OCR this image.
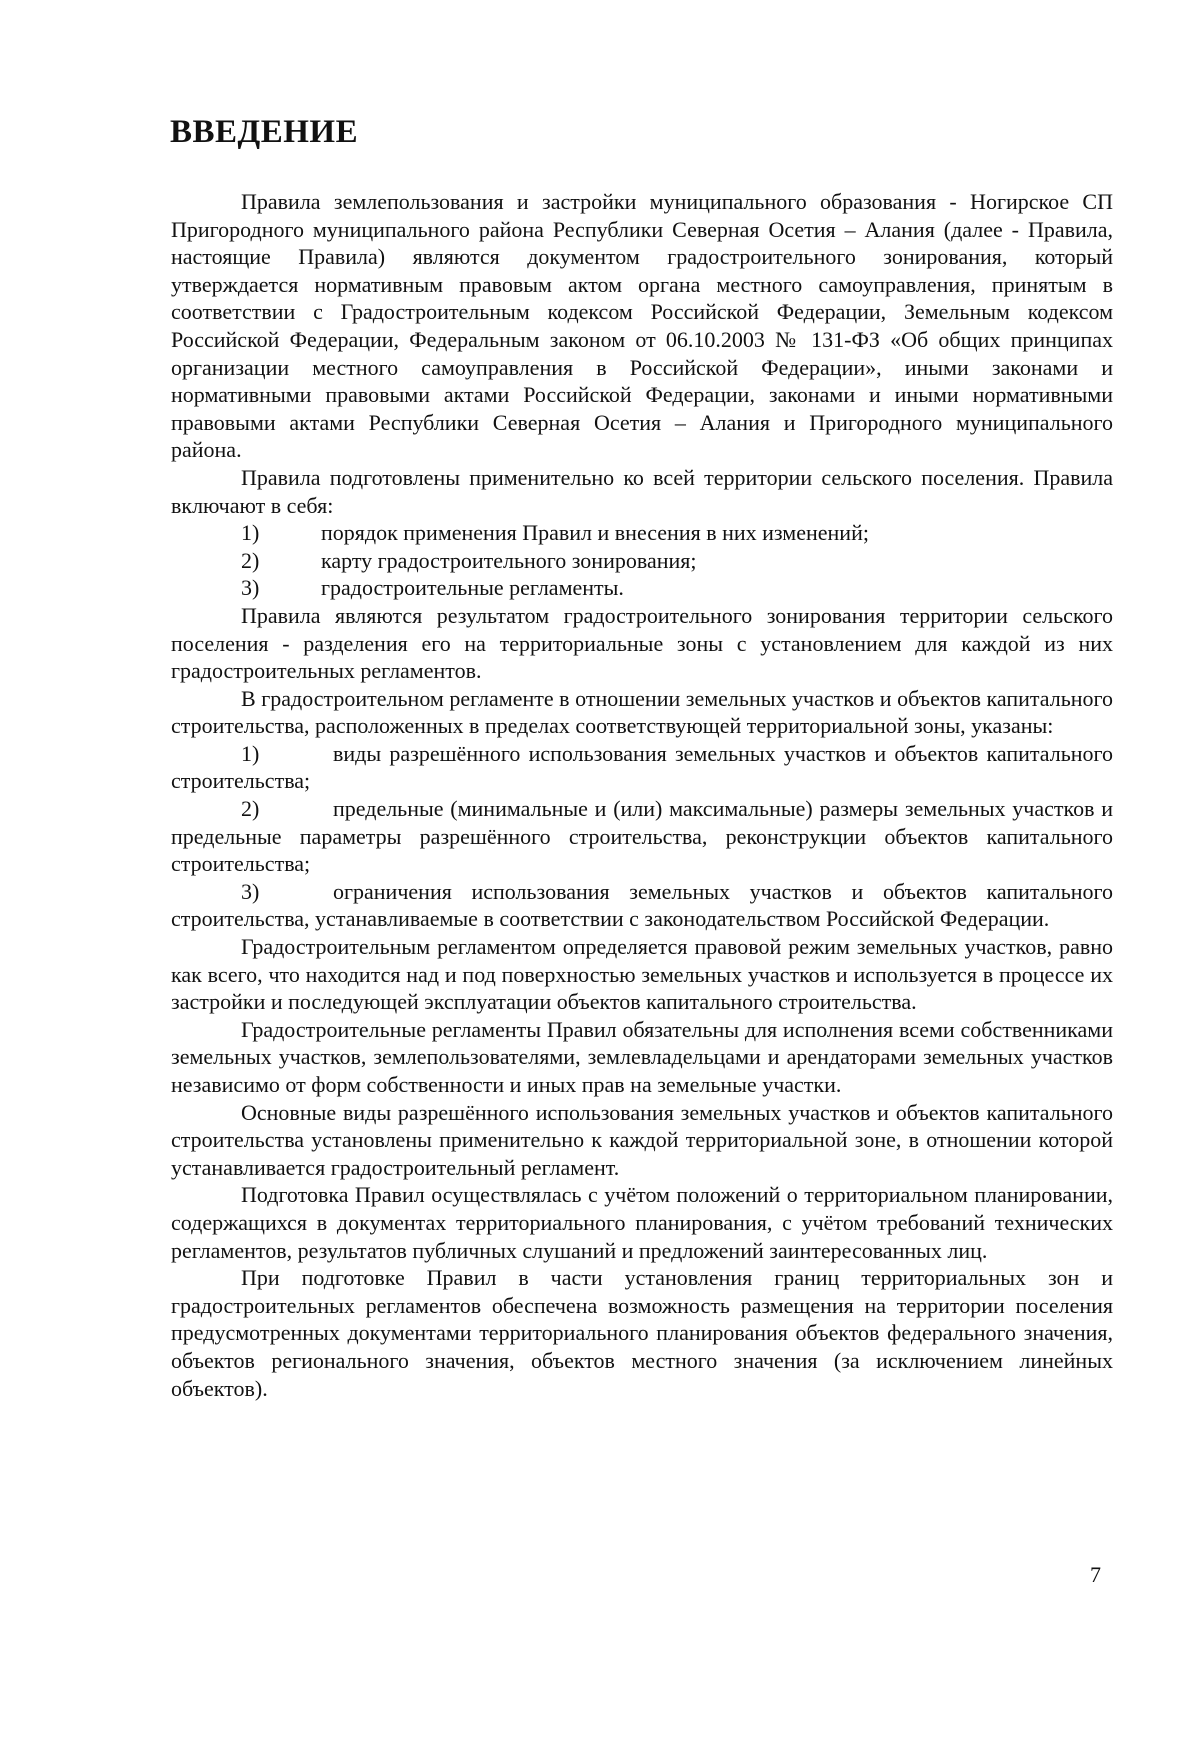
ВВЕДЕНИЕ

Правила землепользования и застройки муниципального образования - Ногирское СП Пригородного муниципального района Республики Северная Осетия – Алания (далее - Правила, настоящие Правила) являются документом градостроительного зонирования, который утверждается нормативным правовым актом органа местного самоуправления, принятым в соответствии с Градостроительным кодексом Российской Федерации, Земельным кодексом Российской Федерации, Федеральным законом от 06.10.2003 № 131-ФЗ «Об общих принципах организации местного самоуправления в Российской Федерации», иными законами и нормативными правовыми актами Российской Федерации, законами и иными нормативными правовыми актами Республики Северная Осетия – Алания и Пригородного муниципального района.

Правила подготовлены применительно ко всей территории сельского поселения. Правила включают в себя:

1)	порядок применения Правил и внесения в них изменений;

2)	карту градостроительного зонирования;

3)	градостроительные регламенты.

Правила являются результатом градостроительного зонирования территории сельского поселения - разделения его на территориальные зоны с установлением для каждой из них градостроительных регламентов.

В градостроительном регламенте в отношении земельных участков и объектов капитального строительства, расположенных в пределах соответствующей территориальной зоны, указаны:

1)	виды разрешённого использования земельных участков и объектов капитального строительства;

2)	предельные (минимальные и (или) максимальные) размеры земельных участков и предельные параметры разрешённого строительства, реконструкции объектов капитального строительства;

3)	ограничения использования земельных участков и объектов капитального строительства, устанавливаемые в соответствии с законодательством Российской Федерации.

Градостроительным регламентом определяется правовой режим земельных участков, равно как всего, что находится над и под поверхностью земельных участков и используется в процессе их застройки и последующей эксплуатации объектов капитального строительства.

Градостроительные регламенты Правил обязательны для исполнения всеми собственниками земельных участков, землепользователями, землевладельцами и арендаторами земельных участков независимо от форм собственности и иных прав на земельные участки.

Основные виды разрешённого использования земельных участков и объектов капитального строительства установлены применительно к каждой территориальной зоне, в отношении которой устанавливается градостроительный регламент.

Подготовка Правил осуществлялась с учётом положений о территориальном планировании, содержащихся в документах территориального планирования, с учётом требований технических регламентов, результатов публичных слушаний и предложений заинтересованных лиц.

При подготовке Правил в части установления границ территориальных зон и градостроительных регламентов обеспечена возможность размещения на территории поселения предусмотренных документами территориального планирования объектов федерального значения, объектов регионального значения, объектов местного значения (за исключением линейных объектов).

7
